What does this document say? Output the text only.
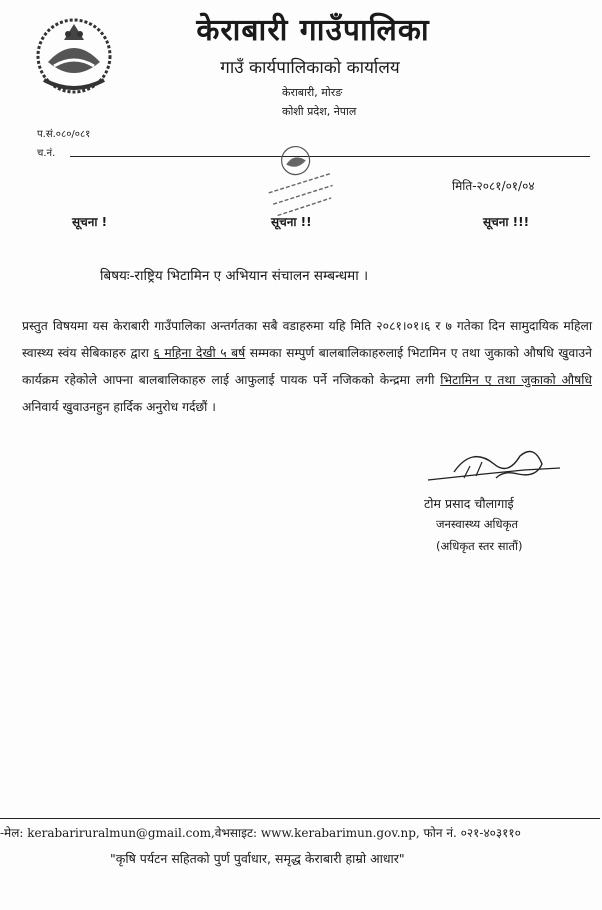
केराबारी गाउँपालिका
गाउँ कार्यपालिकाको कार्यालय
केराबारी, मोरङ
कोशी प्रदेश, नेपाल
प.सं.०८०/०८१
च.नं.
मिति-२०८१/०१/०४
सूचना !	सूचना !!	सूचना !!!
बिषयः-राष्ट्रिय भिटामिन ए अभियान संचालन सम्बन्धमा ।
प्रस्तुत विषयमा यस केराबारी गाउँपालिका अन्तर्गतका सबै वडाहरुमा यहि मिति २०८१।०१।६ र ७ गतेका दिन सामुदायिक महिला स्वास्थ्य स्वंय सेबिकाहरु द्वारा ६ महिना देखी ५ बर्ष सम्मका सम्पुर्ण बालबालिकाहरुलाई भिटामिन ए तथा जुकाको औषधि खुवाउने कार्यक्रम रहेकोले आफ्ना बालबालिकाहरु लाई आफुलाई पायक पर्ने नजिकको केन्द्रमा लगी भिटामिन ए तथा जुकाको औषधि अनिवार्य खुवाउनहुन हार्दिक अनुरोध गर्दछौं ।
टोम प्रसाद चौलागाई
जनस्वास्थ्य अधिकृत
(अधिकृत स्तर सातौं)
-मेल: kerabariruralmun@gmail.com,वेभसाइट: www.kerabarimun.gov.np, फोन नं. ०२१-४०३११०
"कृषि पर्यटन सहितको पुर्ण पुर्वाधार, समृद्ध केराबारी हाम्रो आधार"
